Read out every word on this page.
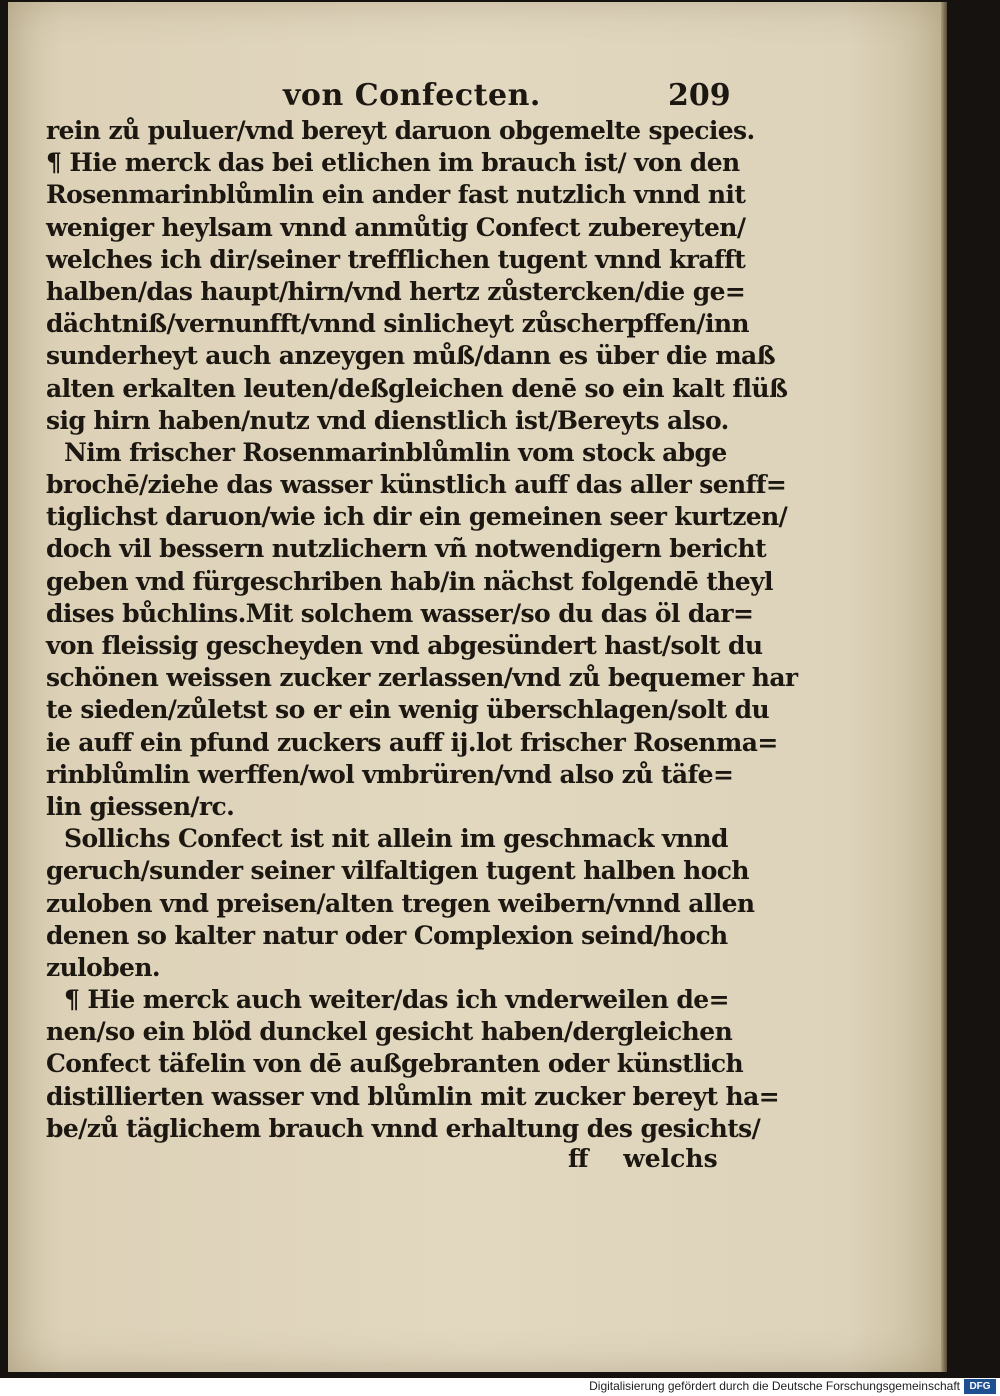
von Confecten.	209
rein zů puluer/vnd bereyt daruon obgemelte species.
¶ Hie merck das bei etlichen im brauch ist/ von den
Rosenmarinblůmlin ein ander fast nutzlich vnnd nit
weniger heylsam vnnd anmůtig Confect zubereyten/
welches ich dir/seiner trefflichen tugent vnnd krafft
halben/das haupt/hirn/vnd hertz zůstercken/die ge=
dächtniß/vernunfft/vnnd sinlicheyt zůscherpffen/inn
sunderheyt auch anzeygen můß/dann es über die maß
alten erkalten leuten/deßgleichen denē so ein kalt flüß
sig hirn haben/nutz vnd dienstlich ist/Bereyts also.
Nim frischer Rosenmarinblůmlin vom stock abge
brochē/ziehe das wasser künstlich auff das aller senff=
tiglichst daruon/wie ich dir ein gemeinen seer kurtzen/
doch vil bessern nutzlichern vñ notwendigern bericht
geben vnd fürgeschriben hab/in nächst folgendē theyl
dises bůchlins.Mit solchem wasser/so du das öl dar=
von fleissig gescheyden vnd abgesündert hast/solt du
schönen weissen zucker zerlassen/vnd zů bequemer har
te sieden/zůletst so er ein wenig überschlagen/solt du
ie auff ein pfund zuckers auff ij.lot frischer Rosenma=
rinblůmlin werffen/wol vmbrüren/vnd also zů täfe=
lin giessen/rc.
Sollichs Confect ist nit allein im geschmack vnnd
geruch/sunder seiner vilfaltigen tugent halben hoch
zuloben vnd preisen/alten tregen weibern/vnnd allen
denen so kalter natur oder Complexion seind/hoch
zuloben.
¶ Hie merck auch weiter/das ich vnderweilen de=
nen/so ein blöd dunckel gesicht haben/dergleichen
Confect täfelin von dē außgebranten oder künstlich
distillierten wasser vnd blůmlin mit zucker bereyt ha=
be/zů täglichem brauch vnnd erhaltung des gesichts/
ff welchs
Digitalisierung gefördert durch die Deutsche Forschungsgemeinschaft DFG
